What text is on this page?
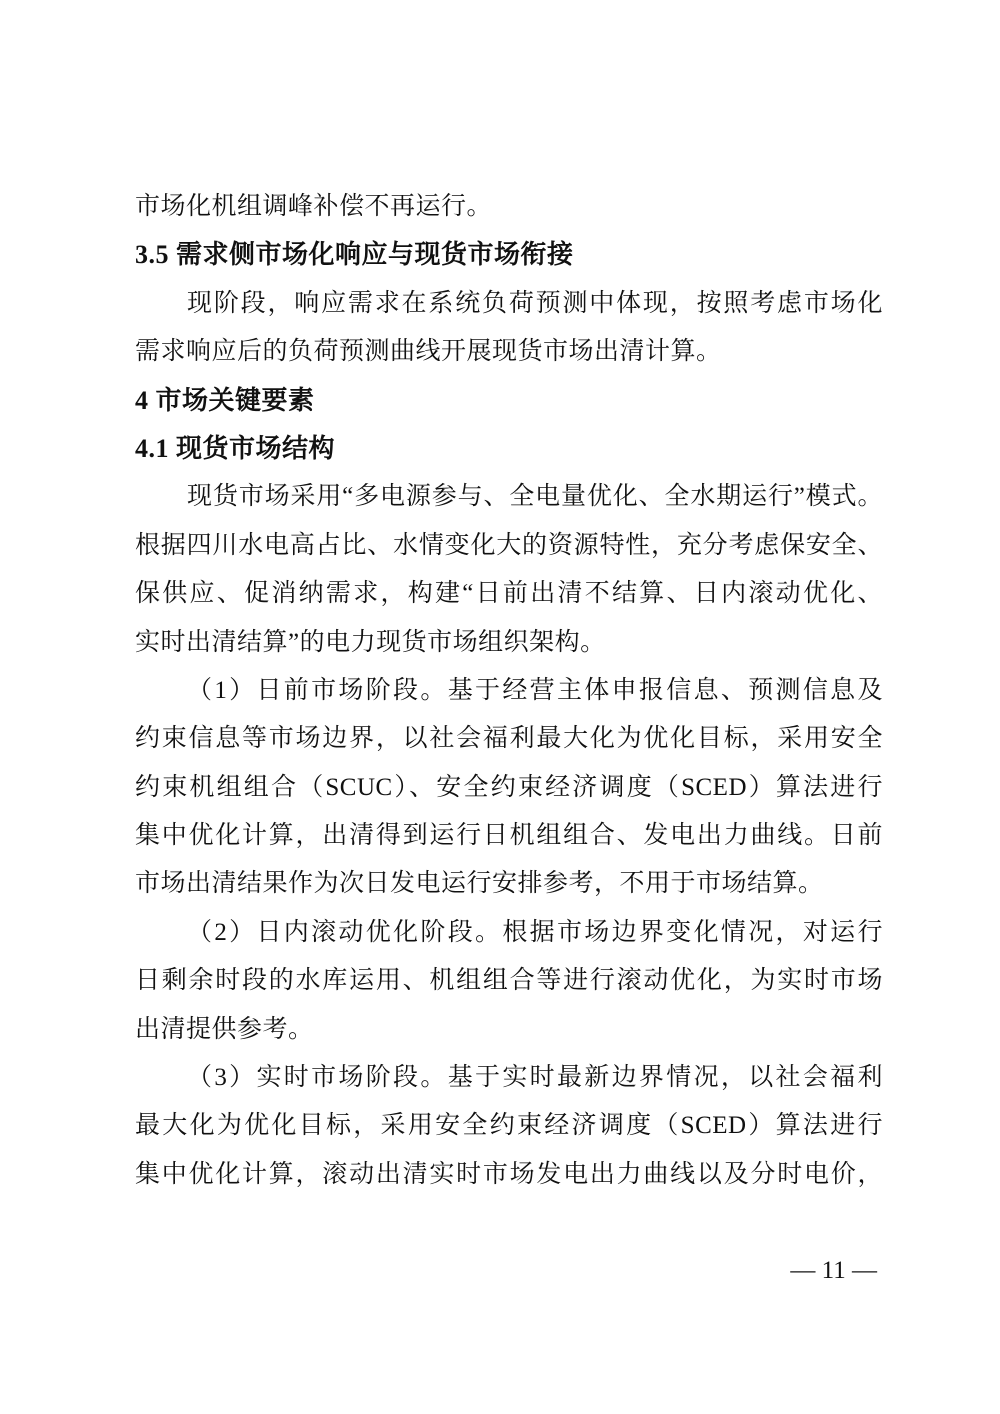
市场化机组调峰补偿不再运行。
3.5 需求侧市场化响应与现货市场衔接
现阶段，响应需求在系统负荷预测中体现，按照考虑市场化
需求响应后的负荷预测曲线开展现货市场出清计算。
4 市场关键要素
4.1 现货市场结构
现货市场采用“多电源参与、全电量优化、全水期运行”模式。
根据四川水电高占比、水情变化大的资源特性，充分考虑保安全、
保供应、促消纳需求，构建“日前出清不结算、日内滚动优化、
实时出清结算”的电力现货市场组织架构。
（1）日前市场阶段。基于经营主体申报信息、预测信息及
约束信息等市场边界，以社会福利最大化为优化目标，采用安全
约束机组组合（SCUC）、安全约束经济调度（SCED）算法进行
集中优化计算，出清得到运行日机组组合、发电出力曲线。日前
市场出清结果作为次日发电运行安排参考，不用于市场结算。
（2）日内滚动优化阶段。根据市场边界变化情况，对运行
日剩余时段的水库运用、机组组合等进行滚动优化，为实时市场
出清提供参考。
（3）实时市场阶段。基于实时最新边界情况，以社会福利
最大化为优化目标，采用安全约束经济调度（SCED）算法进行
集中优化计算，滚动出清实时市场发电出力曲线以及分时电价，
— 11 —
